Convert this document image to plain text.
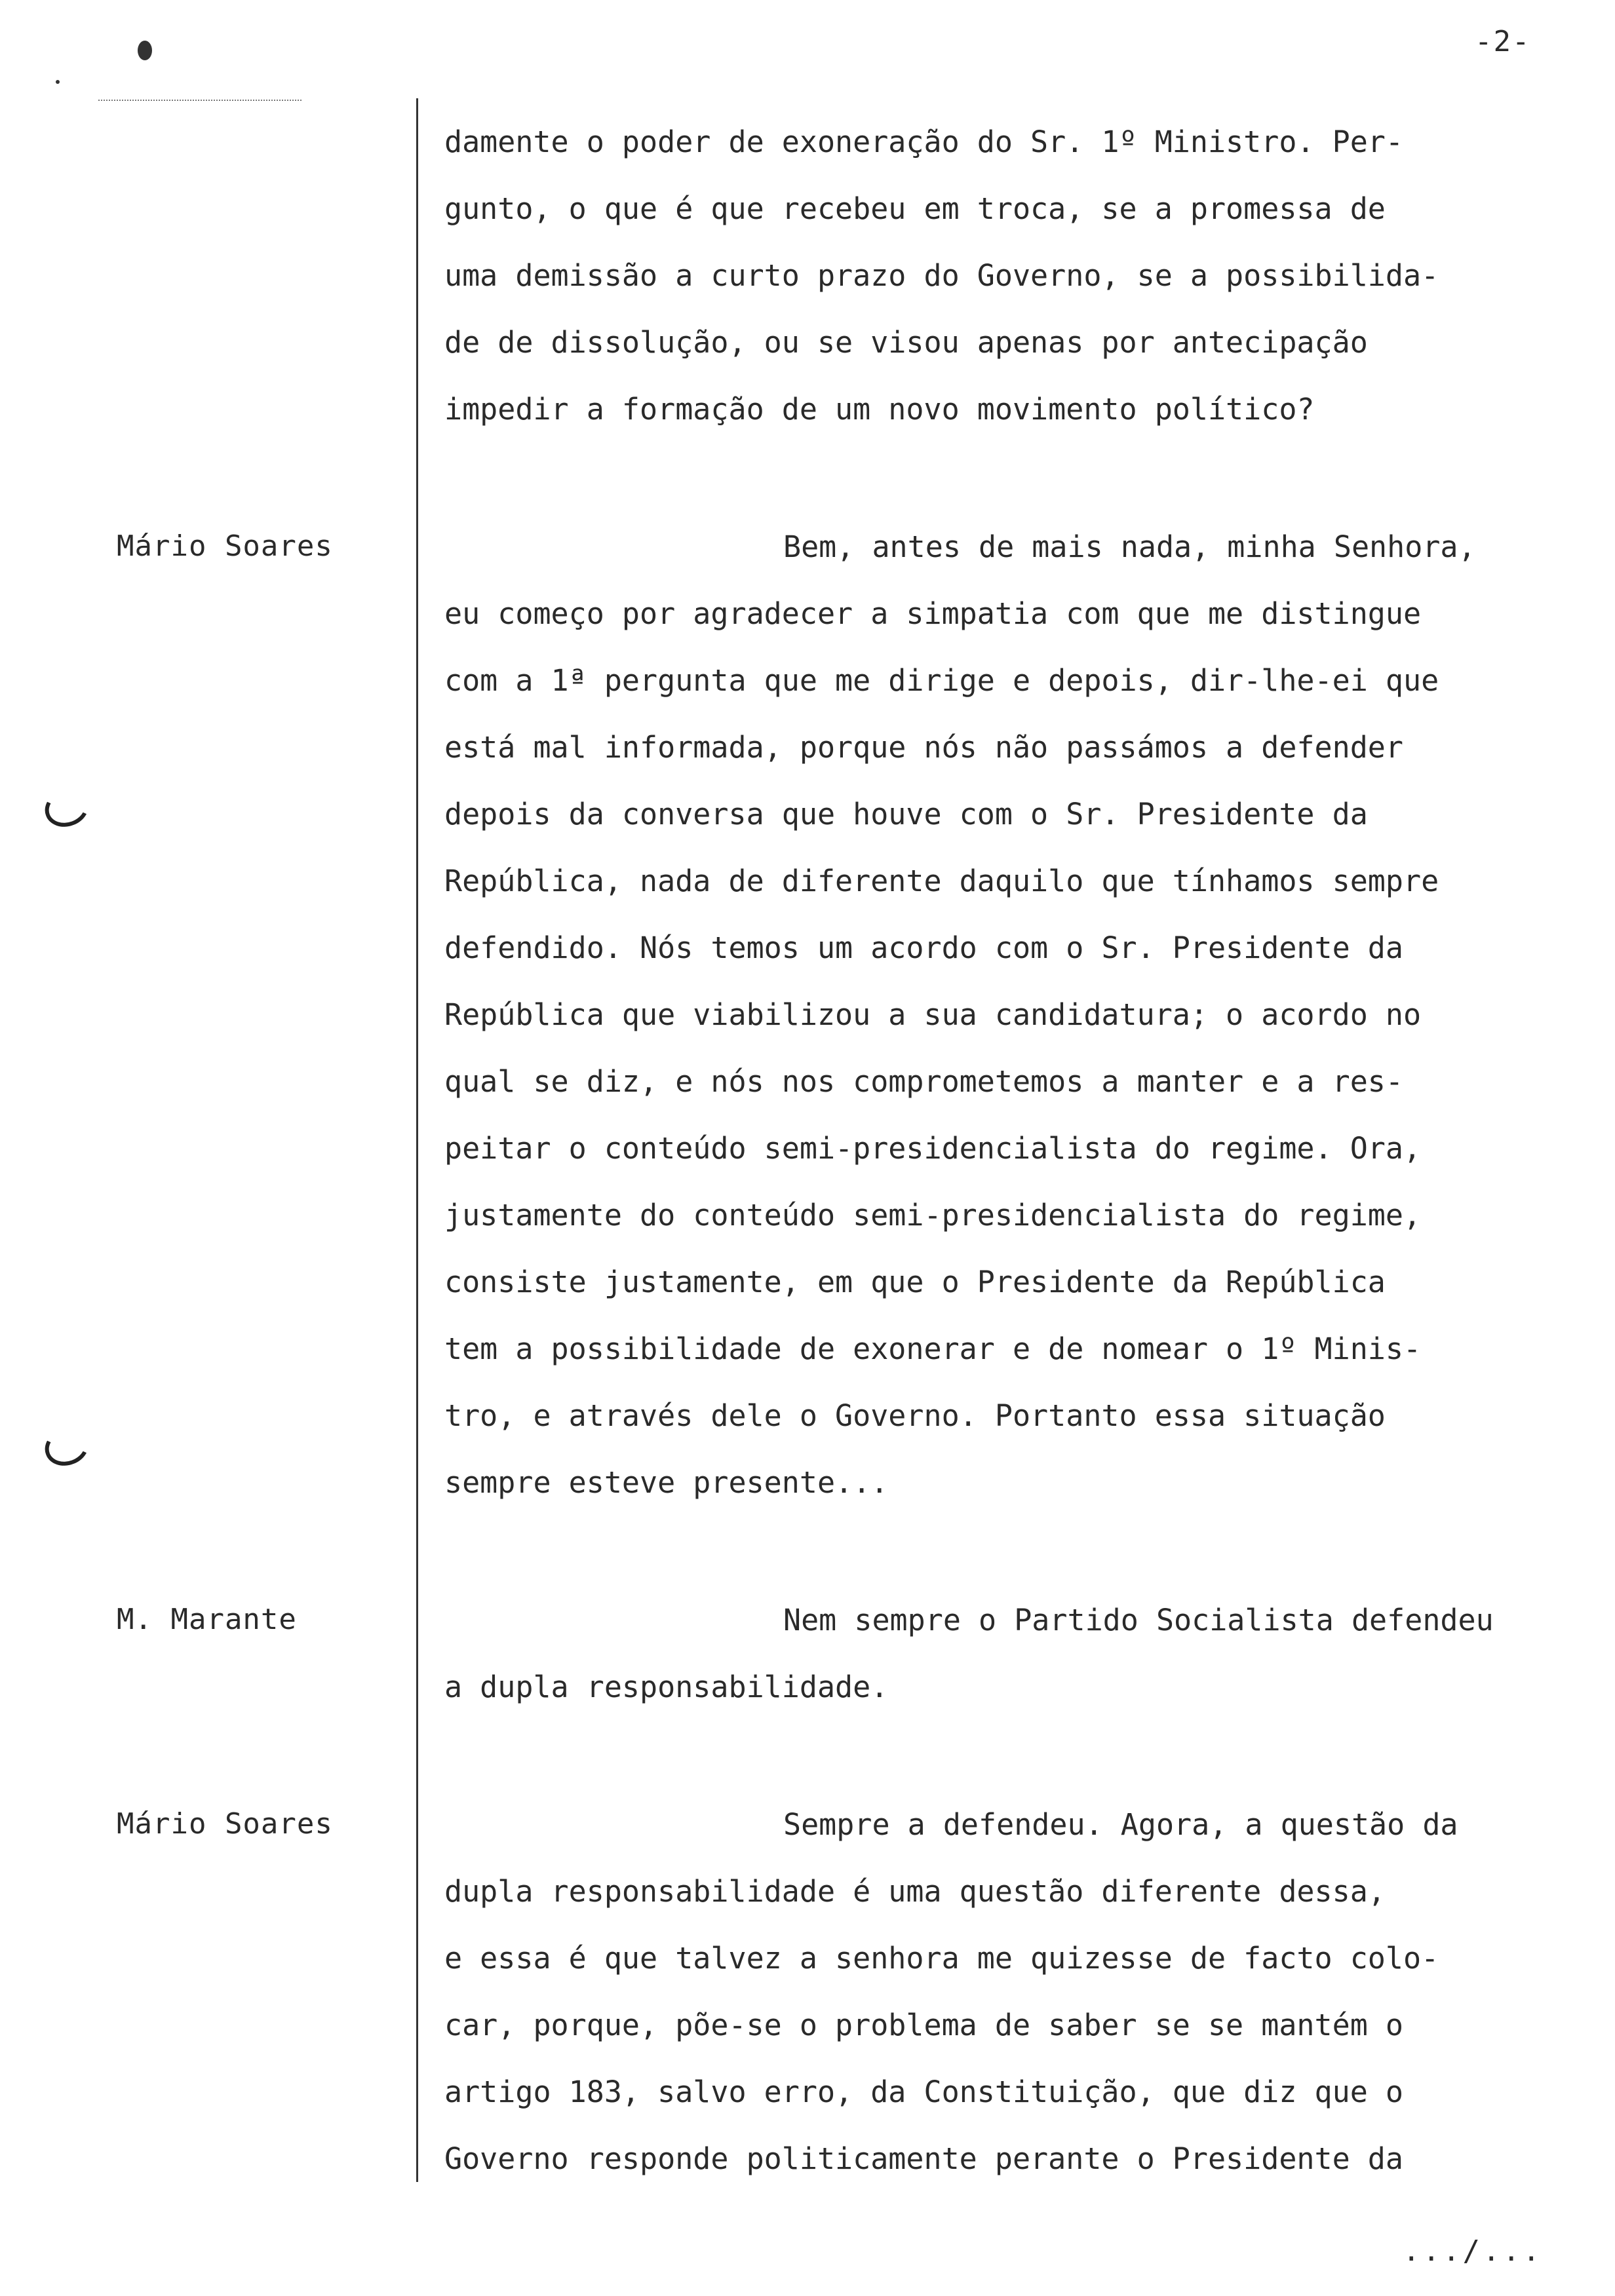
-2-
damente o poder de exoneração do Sr. 1º Ministro. Per-
gunto, o que é que recebeu em troca, se a promessa de
uma demissão a curto prazo do Governo, se a possibilida-
de de dissolução, ou se visou apenas por antecipação
impedir a formação de um novo movimento político?
Mário Soares	Bem, antes de mais nada, minha Senhora,
eu começo por agradecer a simpatia com que me distingue
com a 1ª pergunta que me dirige e depois, dir-lhe-ei que
está mal informada, porque nós não passámos a defender
depois da conversa que houve com o Sr. Presidente da
República, nada de diferente daquilo que tínhamos sempre
defendido. Nós temos um acordo com o Sr. Presidente da
República que viabilizou a sua candidatura; o acordo no
qual se diz, e nós nos comprometemos a manter e a res-
peitar o conteúdo semi-presidencialista do regime. Ora,
justamente do conteúdo semi-presidencialista do regime,
consiste justamente, em que o Presidente da República
tem a possibilidade de exonerar e de nomear o 1º Minis-
tro, e através dele o Governo. Portanto essa situação
sempre esteve presente...
M. Marante	Nem sempre o Partido Socialista defendeu
a dupla responsabilidade.
Mário Soares	Sempre a defendeu. Agora, a questão da
dupla responsabilidade é uma questão diferente dessa,
e essa é que talvez a senhora me quizesse de facto colo-
car, porque, põe-se o problema de saber se se mantém o
artigo 183, salvo erro, da Constituição, que diz que o
Governo responde politicamente perante o Presidente da
.../...
